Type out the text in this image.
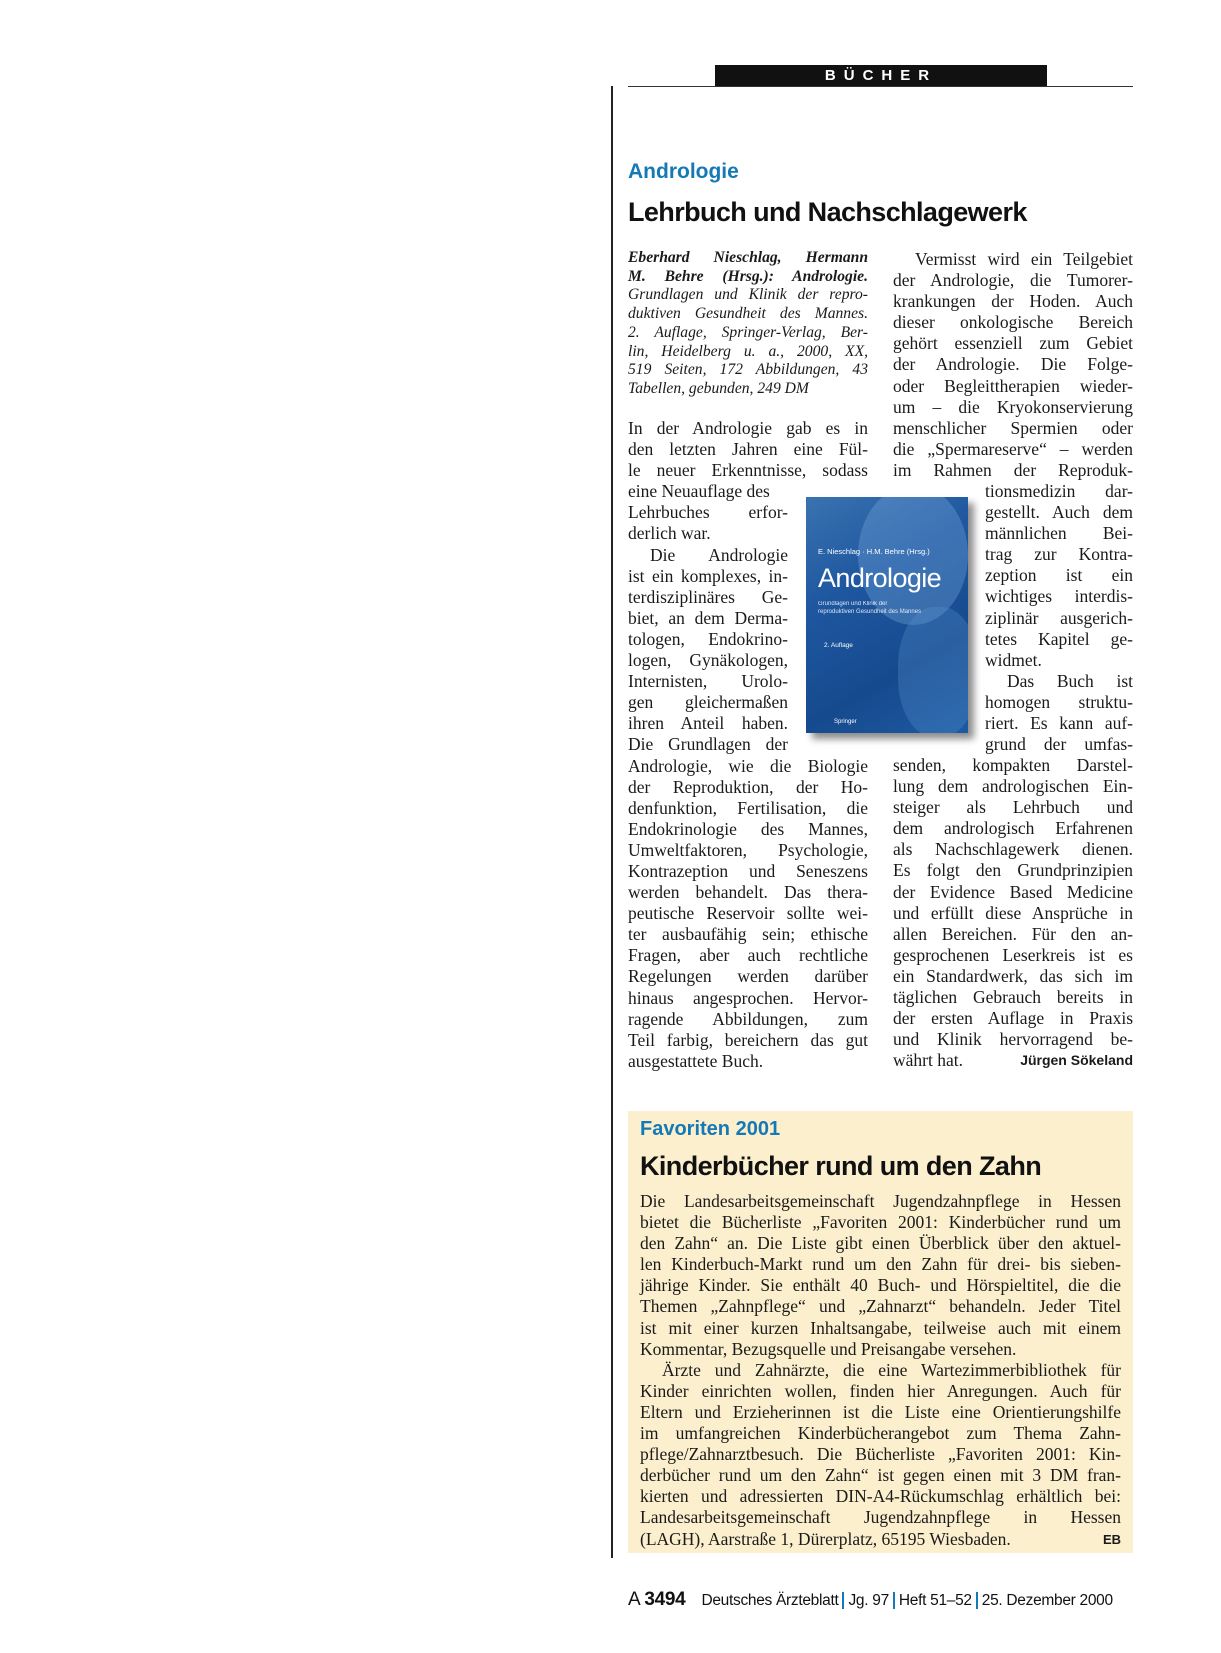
BÜCHER
Andrologie
Lehrbuch und Nachschlagewerk
Eberhard Nieschlag, Hermann
M. Behre (Hrsg.): Andrologie.
Grundlagen und Klinik der repro-
duktiven Gesundheit des Mannes.
2. Auflage, Springer-Verlag, Ber-
lin, Heidelberg u. a., 2000, XX,
519 Seiten, 172 Abbildungen, 43
Tabellen, gebunden, 249 DM
In der Andrologie gab es in
den letzten Jahren eine Fül-
le neuer Erkenntnisse, sodass
eine Neuauflage des
Lehrbuches erfor-
derlich war.
Die Andrologie
ist ein komplexes, in-
terdisziplinäres Ge-
biet, an dem Derma-
tologen, Endokrino-
logen, Gynäkologen,
Internisten, Urolo-
gen gleichermaßen
ihren Anteil haben.
Die Grundlagen der
Andrologie, wie die Biologie
der Reproduktion, der Ho-
denfunktion, Fertilisation, die
Endokrinologie des Mannes,
Umweltfaktoren, Psychologie,
Kontrazeption und Seneszens
werden behandelt. Das thera-
peutische Reservoir sollte wei-
ter ausbaufähig sein; ethische
Fragen, aber auch rechtliche
Regelungen werden darüber
hinaus angesprochen. Hervor-
ragende Abbildungen, zum
Teil farbig, bereichern das gut
ausgestattete Buch.
Vermisst wird ein Teilgebiet
der Andrologie, die Tumorer-
krankungen der Hoden. Auch
dieser onkologische Bereich
gehört essenziell zum Gebiet
der Andrologie. Die Folge-
oder Begleittherapien wieder-
um – die Kryokonservierung
menschlicher Spermien oder
die „Spermareserve“ – werden
im Rahmen der Reproduk-
tionsmedizin dar-
gestellt. Auch dem
männlichen Bei-
trag zur Kontra-
zeption ist ein
wichtiges interdis-
ziplinär ausgerich-
tetes Kapitel ge-
widmet.
Das Buch ist
homogen struktu-
riert. Es kann auf-
grund der umfas-
senden, kompakten Darstel-
lung dem andrologischen Ein-
steiger als Lehrbuch und
dem andrologisch Erfahrenen
als Nachschlagewerk dienen.
Es folgt den Grundprinzipien
der Evidence Based Medicine
und erfüllt diese Ansprüche in
allen Bereichen. Für den an-
gesprochenen Leserkreis ist es
ein Standardwerk, das sich im
täglichen Gebrauch bereits in
der ersten Auflage in Praxis
und Klinik hervorragend be-
währt hat.	Jürgen Sökeland
E. Nieschlag · H.M. Behre (Hrsg.)
Andrologie
Grundlagen und Klinik der
reproduktiven Gesundheit des Mannes
2. Auflage
Springer
Favoriten 2001
Kinderbücher rund um den Zahn
Die Landesarbeitsgemeinschaft Jugendzahnpflege in Hessen
bietet die Bücherliste „Favoriten 2001: Kinderbücher rund um
den Zahn“ an. Die Liste gibt einen Überblick über den aktuel-
len Kinderbuch-Markt rund um den Zahn für drei- bis sieben-
jährige Kinder. Sie enthält 40 Buch- und Hörspieltitel, die die
Themen „Zahnpflege“ und „Zahnarzt“ behandeln. Jeder Titel
ist mit einer kurzen Inhaltsangabe, teilweise auch mit einem
Kommentar, Bezugsquelle und Preisangabe versehen.
Ärzte und Zahnärzte, die eine Wartezimmerbibliothek für
Kinder einrichten wollen, finden hier Anregungen. Auch für
Eltern und Erzieherinnen ist die Liste eine Orientierungshilfe
im umfangreichen Kinderbücherangebot zum Thema Zahn-
pflege/Zahnarztbesuch. Die Bücherliste „Favoriten 2001: Kin-
derbücher rund um den Zahn“ ist gegen einen mit 3 DM fran-
kierten und adressierten DIN-A4-Rückumschlag erhältlich bei:
Landesarbeitsgemeinschaft Jugendzahnpflege in Hessen
(LAGH), Aarstraße 1, Dürerplatz, 65195 Wiesbaden.	EB
A 3494 Deutsches Ärzteblatt Jg. 97 Heft 51–52 25. Dezember 2000
